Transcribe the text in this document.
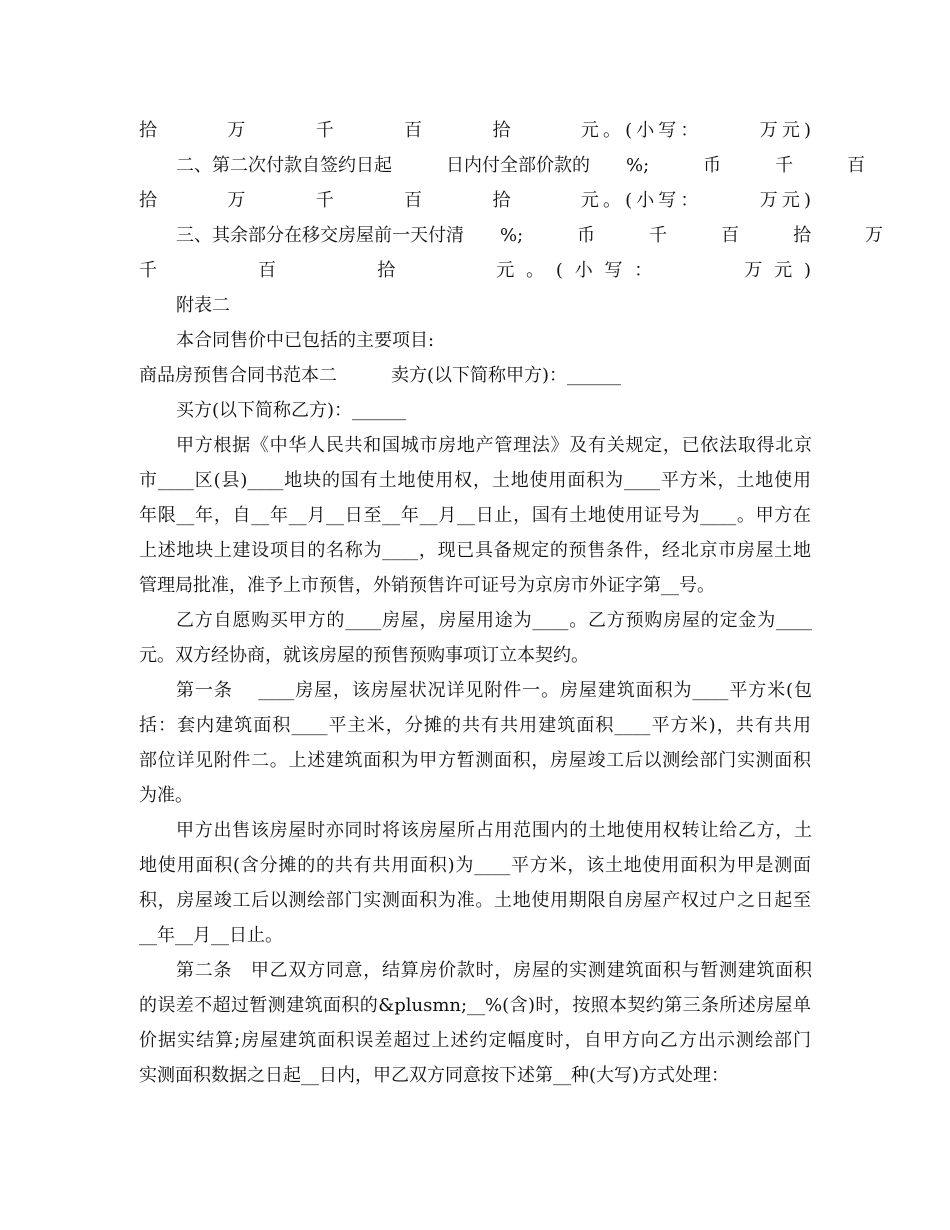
拾　　　万　　　千　　　百　　　拾　　　元。(小写：　　　万元)
二、第二次付款自签约日起　　　日内付全部价款的　　%;　　　币　　　千　　　百
拾　　　万　　　千　　　百　　　拾　　　元。(小写：　　　万元)
三、其余部分在移交房屋前一天付清　　%;　　　币　　　千　　　百　　　拾　　　万
千　　　百　　　拾　　　元。(小写：　　　万元)
附表二
本合同售价中已包括的主要项目:
商品房预售合同书范本二　　　卖方(以下简称甲方)：______
买方(以下简称乙方)：______
甲方根据《中华人民共和国城市房地产管理法》及有关规定，已依法取得北京
市____区(县)____地块的国有土地使用权，土地使用面积为____平方米，土地使用
年限__年，自__年__月__日至__年__月__日止，国有土地使用证号为____。甲方在
上述地块上建设项目的名称为____，现已具备规定的预售条件，经北京市房屋土地
管理局批准，准予上市预售，外销预售许可证号为京房市外证字第__号。
乙方自愿购买甲方的____房屋，房屋用途为____。乙方预购房屋的定金为____
元。双方经协商，就该房屋的预售预购事项订立本契约。
第一条　 ____房屋，该房屋状况详见附件一。房屋建筑面积为____平方米(包
括：套内建筑面积____平主米，分摊的共有共用建筑面积____平方米)，共有共用
部位详见附件二。上述建筑面积为甲方暂测面积，房屋竣工后以测绘部门实测面积
为准。
甲方出售该房屋时亦同时将该房屋所占用范围内的土地使用权转让给乙方，土
地使用面积(含分摊的的共有共用面积)为____平方米，该土地使用面积为甲是测面
积，房屋竣工后以测绘部门实测面积为准。土地使用期限自房屋产权过户之日起至
__年__月__日止。
第二条　甲乙双方同意，结算房价款时，房屋的实测建筑面积与暂测建筑面积
的误差不超过暂测建筑面积的&plusmn;__%(含)时，按照本契约第三条所述房屋单
价据实结算;房屋建筑面积误差超过上述约定幅度时，自甲方向乙方出示测绘部门
实测面积数据之日起__日内，甲乙双方同意按下述第__种(大写)方式处理：
